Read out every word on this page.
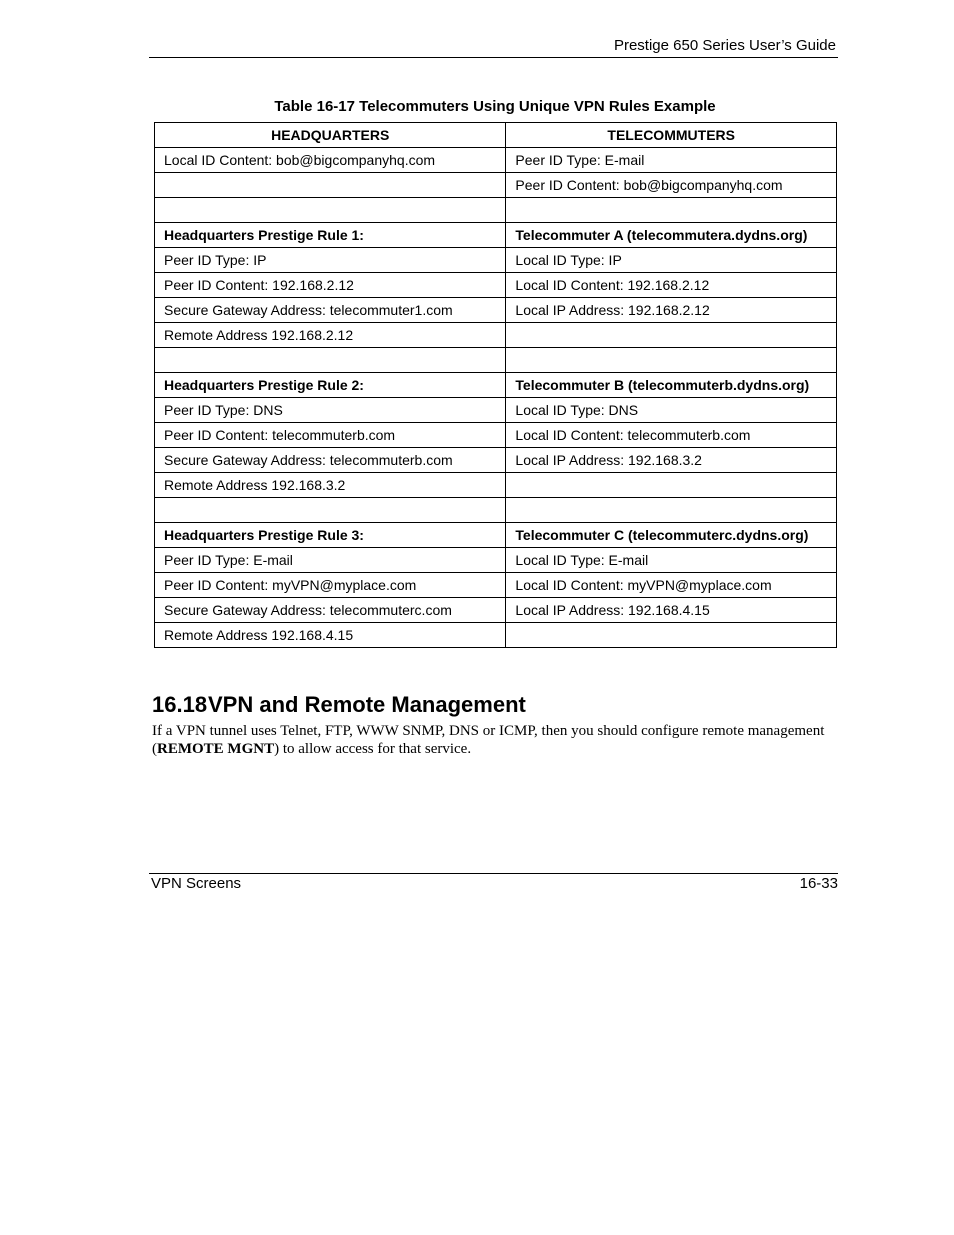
Prestige 650 Series User’s Guide
Table 16-17 Telecommuters Using Unique VPN Rules Example
HEADQUARTERS	TELECOMMUTERS
Local ID Content: bob@bigcompanyhq.com	Peer ID Type: E-mail
	Peer ID Content: bob@bigcompanyhq.com

Headquarters Prestige Rule 1:	Telecommuter A (telecommutera.dydns.org)
Peer ID Type: IP	Local ID Type: IP
Peer ID Content: 192.168.2.12	Local ID Content: 192.168.2.12
Secure Gateway Address: telecommuter1.com	Local IP Address: 192.168.2.12
Remote Address 192.168.2.12	

Headquarters Prestige Rule 2:	Telecommuter B (telecommuterb.dydns.org)
Peer ID Type: DNS	Local ID Type: DNS
Peer ID Content: telecommuterb.com	Local ID Content: telecommuterb.com
Secure Gateway Address: telecommuterb.com	Local IP Address: 192.168.3.2
Remote Address 192.168.3.2	

Headquarters Prestige Rule 3:	Telecommuter C (telecommuterc.dydns.org)
Peer ID Type: E-mail	Local ID Type: E-mail
Peer ID Content: myVPN@myplace.com	Local ID Content: myVPN@myplace.com
Secure Gateway Address: telecommuterc.com	Local IP Address: 192.168.4.15
Remote Address 192.168.4.15	
16.18VPN and Remote Management
If a VPN tunnel uses Telnet, FTP, WWW SNMP, DNS or ICMP, then you should configure remote management (REMOTE MGNT) to allow access for that service.
VPN Screens	16-33
